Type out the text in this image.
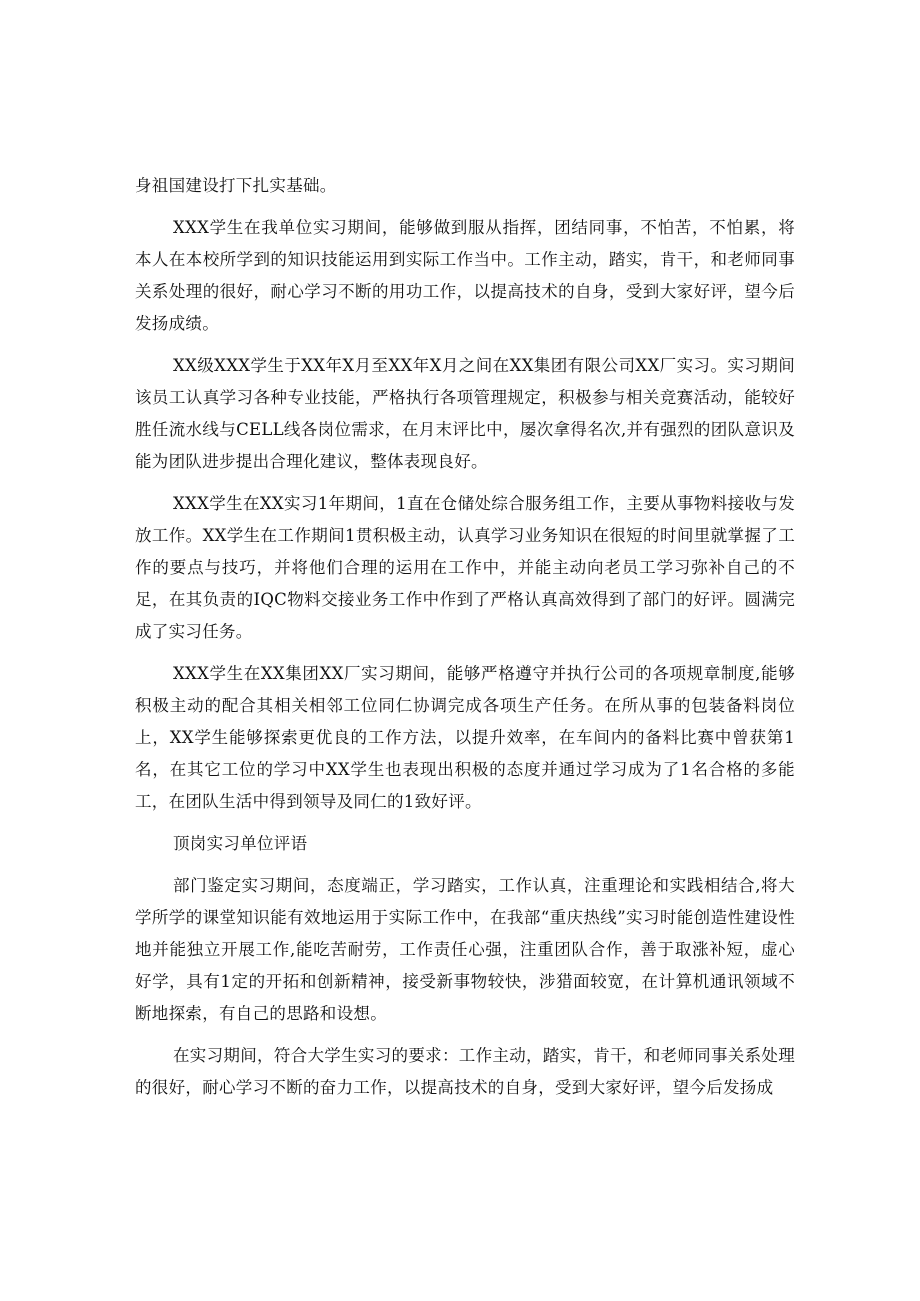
身祖国建设打下扎实基础。

XXX学生在我单位实习期间，能够做到服从指挥，团结同事，不怕苦，不怕累，将本人在本校所学到的知识技能运用到实际工作当中。工作主动，踏实，肯干，和老师同事关系处理的很好，耐心学习不断的用功工作，以提高技术的自身，受到大家好评，望今后发扬成绩。

XX级XXX学生于XX年X月至XX年X月之间在XX集团有限公司XX厂实习。实习期间该员工认真学习各种专业技能，严格执行各项管理规定，积极参与相关竞赛活动，能较好胜任流水线与CELL线各岗位需求，在月末评比中，屡次拿得名次,并有强烈的团队意识及能为团队进步提出合理化建议，整体表现良好。

XXX学生在XX实习1年期间，1直在仓储处综合服务组工作，主要从事物料接收与发放工作。XX学生在工作期间1贯积极主动，认真学习业务知识在很短的时间里就掌握了工作的要点与技巧，并将他们合理的运用在工作中，并能主动向老员工学习弥补自己的不足，在其负责的IQC物料交接业务工作中作到了严格认真高效得到了部门的好评。圆满完成了实习任务。

XXX学生在XX集团XX厂实习期间，能够严格遵守并执行公司的各项规章制度,能够积极主动的配合其相关相邻工位同仁协调完成各项生产任务。在所从事的包装备料岗位上，XX学生能够探索更优良的工作方法，以提升效率，在车间内的备料比赛中曾获第1名，在其它工位的学习中XX学生也表现出积极的态度并通过学习成为了1名合格的多能工，在团队生活中得到领导及同仁的1致好评。

顶岗实习单位评语

部门鉴定实习期间，态度端正，学习踏实，工作认真，注重理论和实践相结合,将大学所学的课堂知识能有效地运用于实际工作中，在我部“重庆热线”实习时能创造性建设性地并能独立开展工作,能吃苦耐劳，工作责任心强，注重团队合作，善于取涨补短，虚心好学，具有1定的开拓和创新精神，接受新事物较快，涉猎面较宽，在计算机通讯领域不断地探索，有自己的思路和设想。

在实习期间，符合大学生实习的要求：工作主动，踏实，肯干，和老师同事关系处理的很好，耐心学习不断的奋力工作，以提高技术的自身，受到大家好评，望今后发扬成
